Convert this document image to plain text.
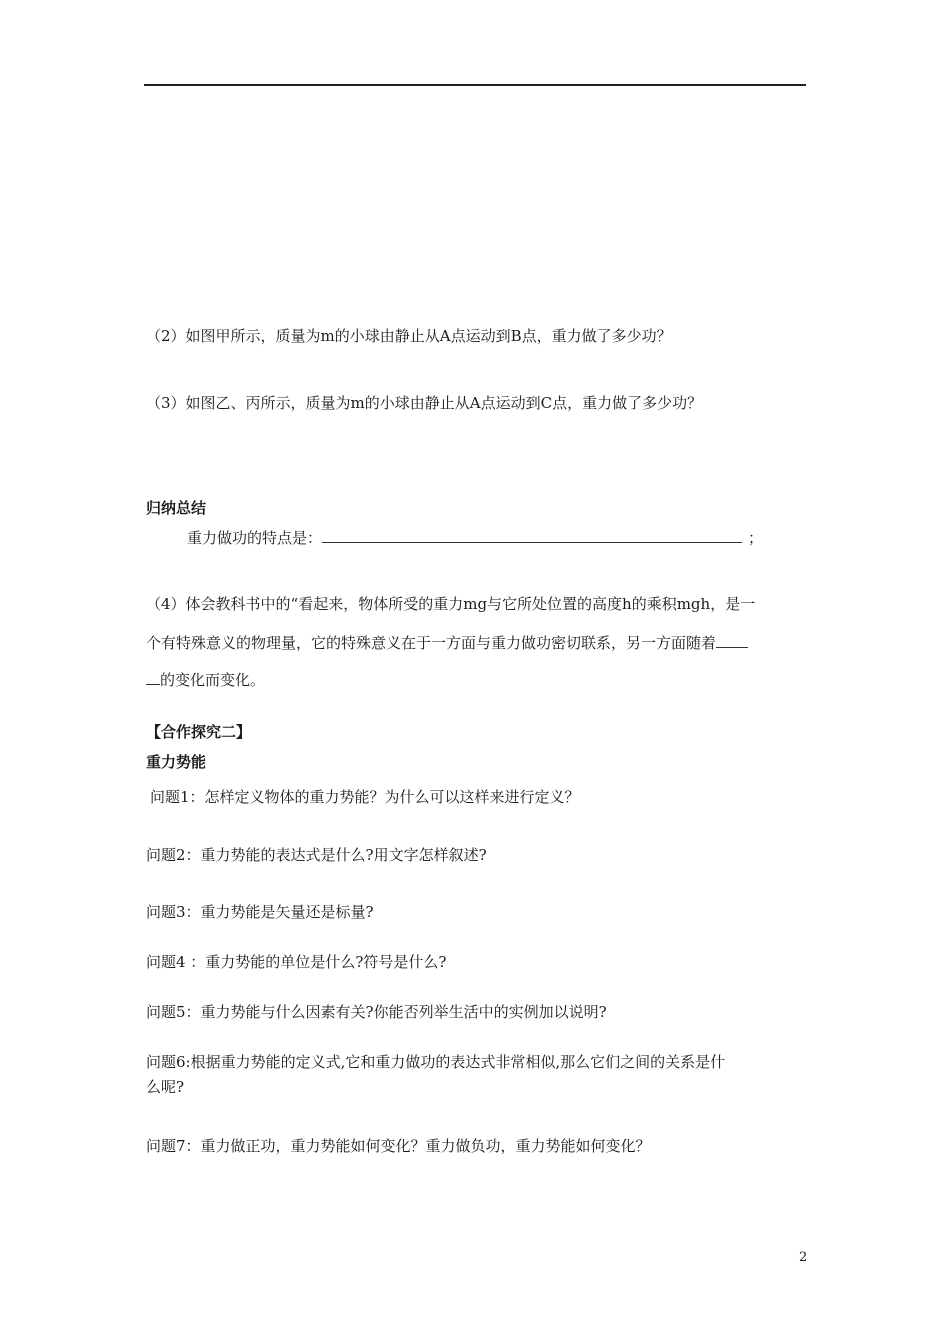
（2）如图甲所示，质量为m的小球由静止从A点运动到B点，重力做了多少功？
（3）如图乙、丙所示，质量为m的小球由静止从A点运动到C点，重力做了多少功？
归纳总结
重力做功的特点是：	；
（4）体会教科书中的“看起来，物体所受的重力mg与它所处位置的高度h的乘积mgh，是一
个有特殊意义的物理量，它的特殊意义在于一方面与重力做功密切联系，另一方面随着
的变化而变化。
【合作探究二】
重力势能
问题1：怎样定义物体的重力势能？为什么可以这样来进行定义？
问题2：重力势能的表达式是什么?用文字怎样叙述?
问题3：重力势能是矢量还是标量?
问题4 ：重力势能的单位是什么?符号是什么?
问题5：重力势能与什么因素有关?你能否列举生活中的实例加以说明?
问题6:根据重力势能的定义式,它和重力做功的表达式非常相似,那么它们之间的关系是什
么呢?
问题7：重力做正功，重力势能如何变化？重力做负功，重力势能如何变化？
2
